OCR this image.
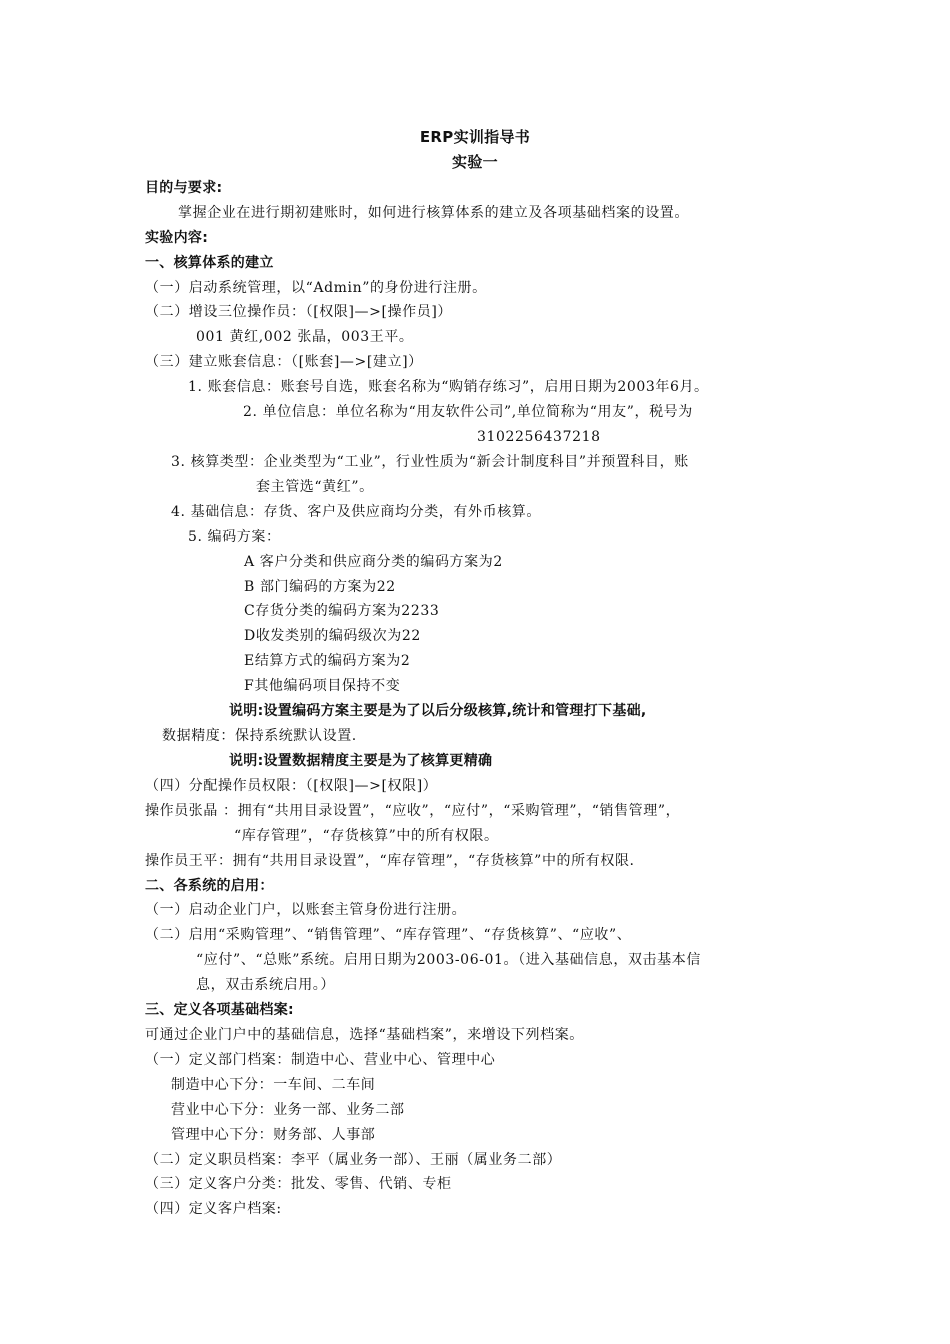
ERP实训指导书
实验一
目的与要求:
掌握企业在进行期初建账时，如何进行核算体系的建立及各项基础档案的设置。
实验内容:
一、核算体系的建立
（一）启动系统管理，以“Admin”的身份进行注册。
（二）增设三位操作员：（[权限]—>[操作员]）
001 黄红,002 张晶，003王平。
（三）建立账套信息：（[账套]—>[建立]）
1. 账套信息：账套号自选，账套名称为“购销存练习”，启用日期为2003年6月。
2. 单位信息：单位名称为“用友软件公司”,单位简称为“用友”，税号为
3102256437218
3. 核算类型：企业类型为“工业”，行业性质为“新会计制度科目”并预置科目，账
套主管选“黄红”。
4. 基础信息：存货、客户及供应商均分类，有外币核算。
5. 编码方案：
A 客户分类和供应商分类的编码方案为2
B 部门编码的方案为22
C存货分类的编码方案为2233
D收发类别的编码级次为22
E结算方式的编码方案为2
F其他编码项目保持不变
说明:设置编码方案主要是为了以后分级核算,统计和管理打下基础,
数据精度：保持系统默认设置.
说明:设置数据精度主要是为了核算更精确
（四）分配操作员权限：（[权限]—>[权限]）
操作员张晶 ：拥有“共用目录设置”，“应收”，“应付”，“采购管理”，“销售管理”，
“库存管理”，“存货核算”中的所有权限。
操作员王平：拥有“共用目录设置”，“库存管理”，“存货核算”中的所有权限.
二、各系统的启用：
（一）启动企业门户，以账套主管身份进行注册。
（二）启用“采购管理”、“销售管理”、“库存管理”、“存货核算”、“应收”、
“应付”、“总账”系统。启用日期为2003-06-01。（进入基础信息，双击基本信
息，双击系统启用。）
三、定义各项基础档案:
可通过企业门户中的基础信息，选择“基础档案”，来增设下列档案。
（一）定义部门档案：制造中心、营业中心、管理中心
制造中心下分：一车间、二车间
营业中心下分：业务一部、业务二部
管理中心下分：财务部、人事部
（二）定义职员档案：李平（属业务一部）、王丽（属业务二部）
（三）定义客户分类：批发、零售、代销、专柜
（四）定义客户档案:
